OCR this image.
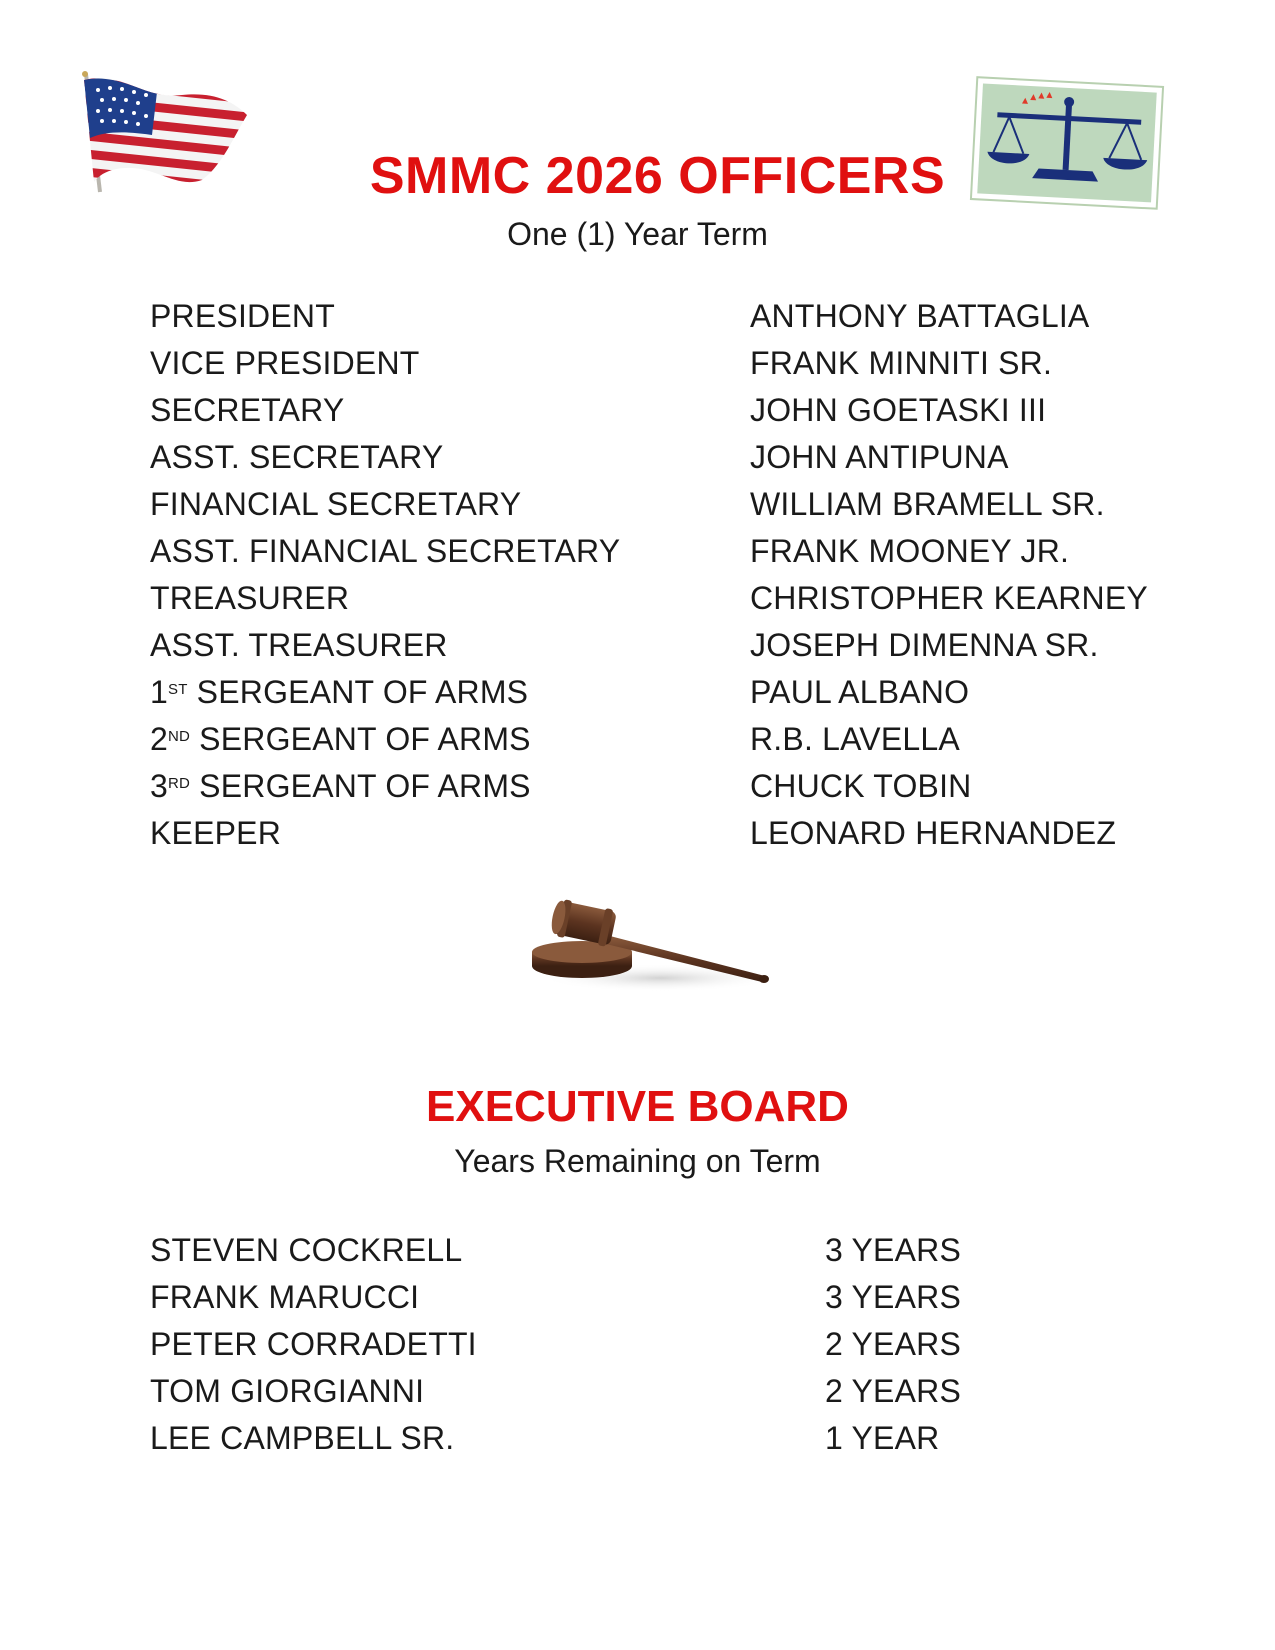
SMMC 2026 OFFICERS
One (1) Year Term
PRESIDENT	ANTHONY BATTAGLIA
VICE PRESIDENT	FRANK MINNITI SR.
SECRETARY	JOHN GOETASKI III
ASST. SECRETARY	JOHN ANTIPUNA
FINANCIAL SECRETARY	WILLIAM BRAMELL SR.
ASST. FINANCIAL SECRETARY	FRANK MOONEY JR.
TREASURER	CHRISTOPHER KEARNEY
ASST. TREASURER	JOSEPH DIMENNA SR.
1ST SERGEANT OF ARMS	PAUL ALBANO
2ND SERGEANT OF ARMS	R.B. LAVELLA
3RD SERGEANT OF ARMS	CHUCK TOBIN
KEEPER	LEONARD HERNANDEZ
EXECUTIVE BOARD
Years Remaining on Term
STEVEN COCKRELL	3 YEARS
FRANK MARUCCI	3 YEARS
PETER CORRADETTI	2 YEARS
TOM GIORGIANNI	2 YEARS
LEE CAMPBELL SR.	1 YEAR
